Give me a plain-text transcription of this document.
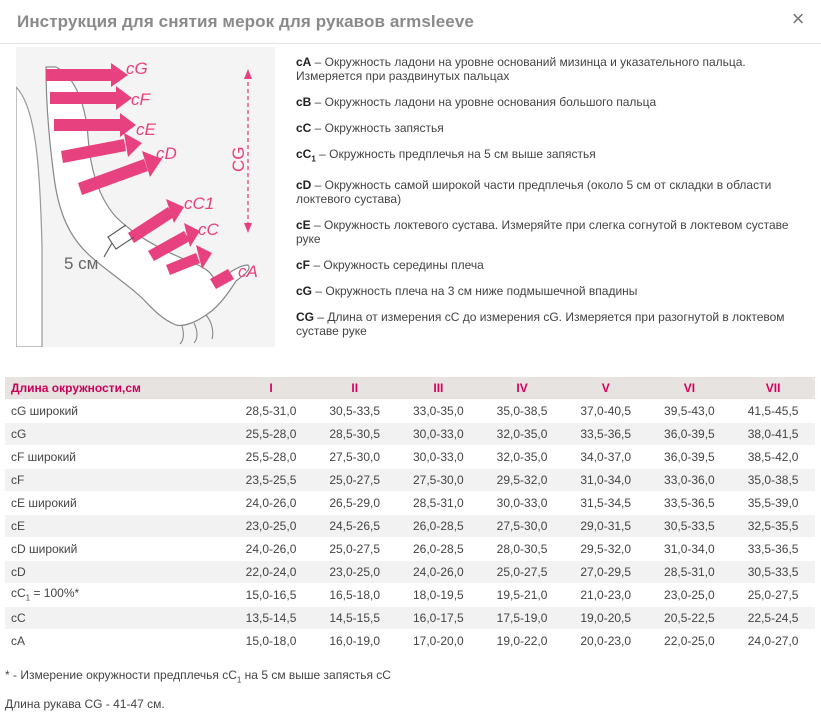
Инструкция для снятия мерок для рукавов armsleeve	×
cG
cF
cE
cD
cC1
cC
cA
CG
5 см
cA – Окружность ладони на уровне оснований мизинца и указательного пальца. Измеряется при раздвинутых пальцах
cB – Окружность ладони на уровне основания большого пальца
cC – Окружность запястья
$cC_1$ – Окружность предплечья на 5 см выше запястья
cD – Окружность самой широкой части предплечья (около 5 см от складки в области локтевого сустава)
cE – Окружность локтевого сустава. Измеряйте при слегка согнутой в локтевом суставе руке
cF – Окружность середины плеча
cG – Окружность плеча на 3 см ниже подмышечной впадины
CG – Длина от измерения cC до измерения cG. Измеряется при разогнутой в локтевом суставе руке
Длина окружности,см	I	II	III	IV	V	VI	VII
cG широкий	28,5-31,0	30,5-33,5	33,0-35,0	35,0-38,5	37,0-40,5	39,5-43,0	41,5-45,5
cG	25,5-28,0	28,5-30,5	30,0-33,0	32,0-35,0	33,5-36,5	36,0-39,5	38,0-41,5
cF широкий	25,5-28,0	27,5-30,0	30,0-33,0	32,0-35,0	34,0-37,0	36,0-39,5	38,5-42,0
cF	23,5-25,5	25,0-27,5	27,5-30,0	29,5-32,0	31,0-34,0	33,0-36,0	35,0-38,5
cE широкий	24,0-26,0	26,5-29,0	28,5-31,0	30,0-33,0	31,5-34,5	33,5-36,5	35,5-39,0
cE	23,0-25,0	24,5-26,5	26,0-28,5	27,5-30,0	29,0-31,5	30,5-33,5	32,5-35,5
cD широкий	24,0-26,0	25,0-27,5	26,0-28,5	28,0-30,5	29,5-32,0	31,0-34,0	33,5-36,5
cD	22,0-24,0	23,0-25,0	24,0-26,0	25,0-27,5	27,0-29,5	28,5-31,0	30,5-33,5
$cC_1 = 100\%*$	15,0-16,5	16,5-18,0	18,0-19,5	19,5-21,0	21,0-23,0	23,0-25,0	25,0-27,5
cC	13,5-14,5	14,5-15,5	16,0-17,5	17,5-19,0	19,0-20,5	20,5-22,5	22,5-24,5
cA	15,0-18,0	16,0-19,0	17,0-20,0	19,0-22,0	20,0-23,0	22,0-25,0	24,0-27,0
* - Измерение окружности предплечья $cC_1$ на 5 см выше запястья cC
Длина рукава CG - 41-47 см.
